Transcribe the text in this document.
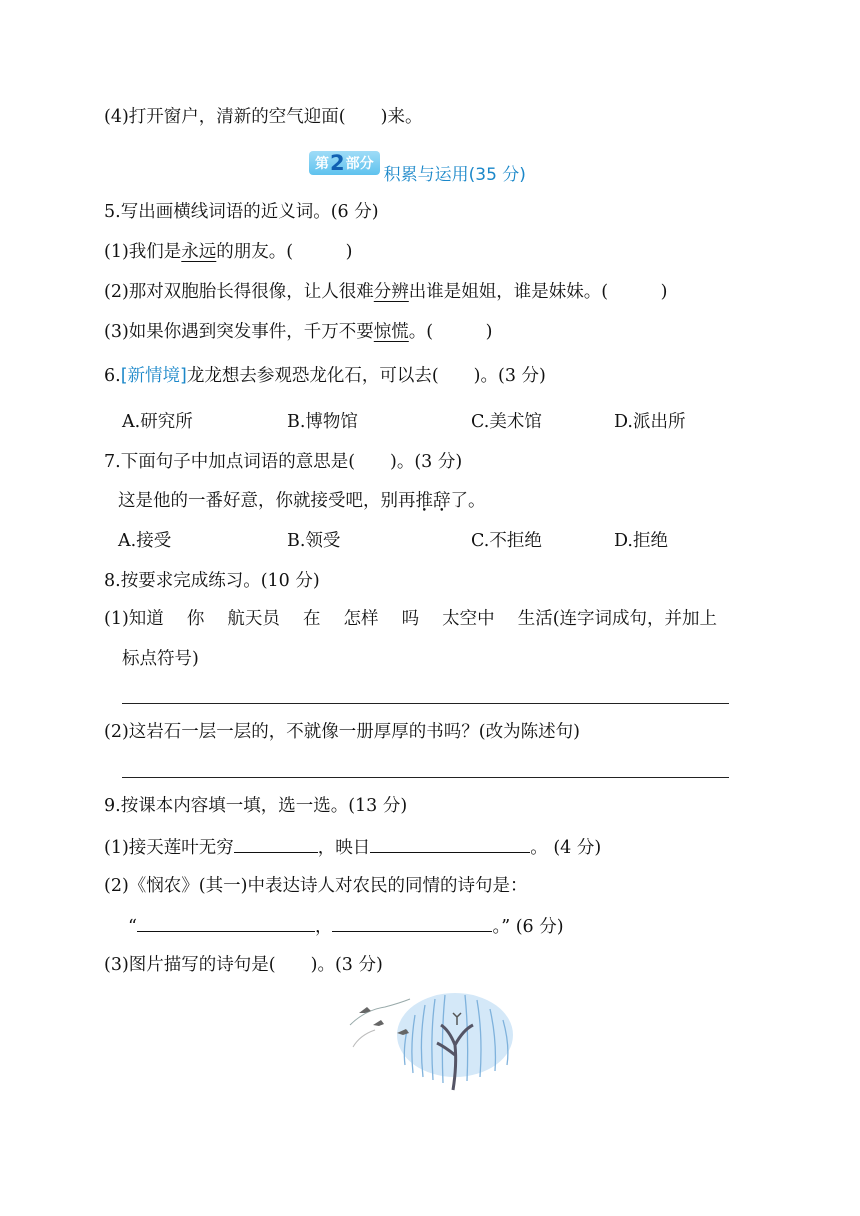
(4)打开窗户，清新的空气迎面(　　)来。
第 2 部分
积累与运用(35 分)
5.写出画横线词语的近义词。(6 分)
(1)我们是永远的朋友。(　　　)
(2)那对双胞胎长得很像，让人很难分辨出谁是姐姐，谁是妹妹。(　　　)
(3)如果你遇到突发事件，千万不要惊慌。(　　　)
6.[新情境]龙龙想去参观恐龙化石，可以去(　　)。(3 分)
A.研究所	B.博物馆	C.美术馆	D.派出所
7.下面句子中加点词语的意思是(　　)。(3 分)
这是他的一番好意，你就接受吧，别再推辞了。
A.接受	B.领受	C.不拒绝	D.拒绝
8.按要求完成练习。(10 分)
(1)知道　 你　 航天员　 在　 怎样　 吗　 太空中　 生活(连字词成句，并加上
标点符号)
(2)这岩石一层一层的，不就像一册厚厚的书吗？(改为陈述句)
9.按课本内容填一填，选一选。(13 分)
(1)接天莲叶无穷	，映日	。 (4 分)
(2)《悯农》(其一)中表达诗人对农民的同情的诗句是：
“	，	。” (6 分)
(3)图片描写的诗句是(　　)。(3 分)
